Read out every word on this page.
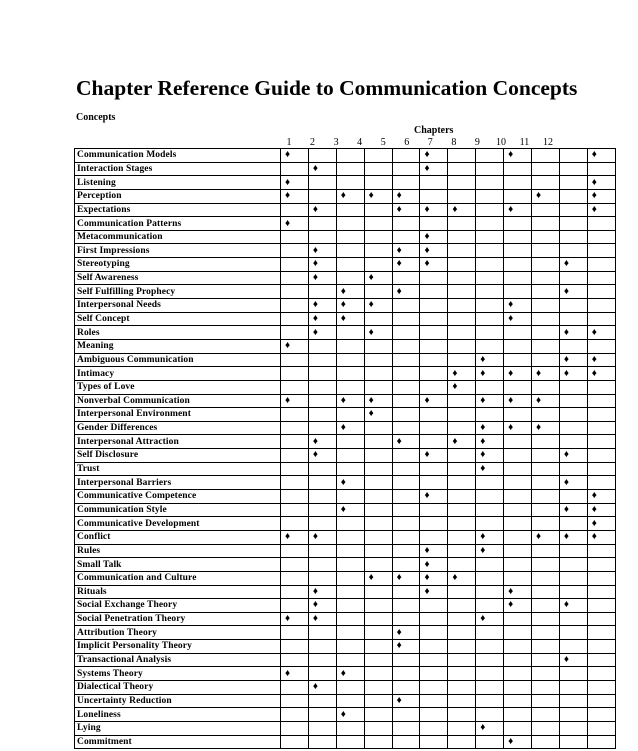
Chapter Reference Guide to Communication Concepts
Concepts
Chapters
1	2	3	4	5	6	7	8	9	10	11	12
Communication Models	♦					♦			♦			♦
Interaction Stages		♦				♦						
Listening	♦											♦
Perception	♦		♦	♦	♦					♦		♦
Expectations		♦			♦	♦	♦		♦			♦
Communication Patterns	♦											
Metacommunication						♦						
First Impressions		♦			♦	♦						
Stereotyping		♦			♦	♦					♦	
Self Awareness		♦		♦								
Self Fulfilling Prophecy			♦		♦						♦	
Interpersonal Needs		♦	♦	♦					♦			
Self Concept		♦	♦						♦			
Roles		♦		♦							♦	♦
Meaning	♦											
Ambiguous Communication								♦			♦	♦
Intimacy							♦	♦	♦	♦	♦	♦
Types of Love							♦					
Nonverbal Communication	♦		♦	♦		♦		♦	♦	♦		
Interpersonal Environment				♦								
Gender Differences			♦					♦	♦	♦		
Interpersonal Attraction		♦			♦		♦	♦				
Self Disclosure		♦				♦		♦			♦	
Trust								♦				
Interpersonal Barriers			♦								♦	
Communicative Competence						♦						♦
Communication Style			♦								♦	♦
Communicative Development												♦
Conflict	♦	♦						♦		♦	♦	♦
Rules						♦		♦				
Small Talk						♦						
Communication and Culture				♦	♦	♦	♦					
Rituals		♦				♦			♦			
Social Exchange Theory		♦							♦		♦	
Social Penetration Theory	♦	♦						♦				
Attribution Theory					♦							
Implicit Personality Theory					♦							
Transactional Analysis											♦	
Systems Theory	♦		♦									
Dialectical Theory		♦										
Uncertainty Reduction					♦							
Loneliness			♦									
Lying								♦				
Commitment									♦			
